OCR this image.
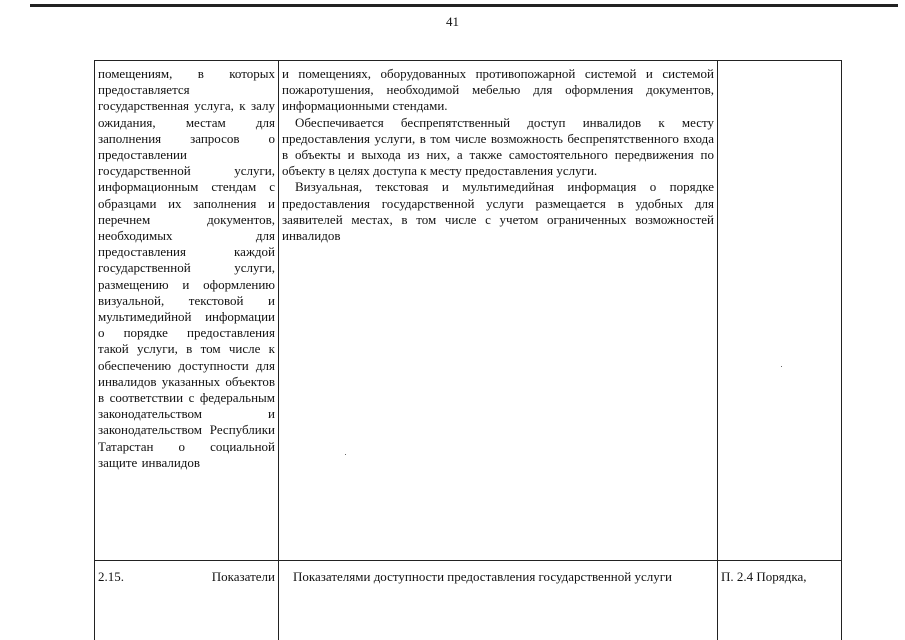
41
помещениям, в которых предоставляется государственная услуга, к залу ожидания, местам для заполнения запросов о предоставлении государственной услуги, информационным стендам с образцами их заполнения и перечнем документов, необходимых для предоставления каждой государственной услуги, размещению и оформлению визуальной, текстовой и мультимедийной информации о порядке предоставления такой услуги, в том числе к обеспечению доступности для инвалидов указанных объектов в соответствии с федеральным законодательством и законодательством Республики Татарстан о социальной защите инвалидов

и помещениях, оборудованных противопожарной системой и системой пожаротушения, необходимой мебелью для оформления документов, информационными стендами.

Обеспечивается беспрепятственный доступ инвалидов к месту предоставления услуги, в том числе возможность беспрепятственного входа в объекты и выхода из них, а также самостоятельного передвижения по объекту в целях доступа к месту предоставления услуги.

Визуальная, текстовая и мультимедийная информация о порядке предоставления государственной услуги размещается в удобных для заявителей местах, в том числе с учетом ограниченных возможностей инвалидов

2.15.	Показатели Показателями доступности предоставления государственной услуги	П. 2.4 Порядка,
